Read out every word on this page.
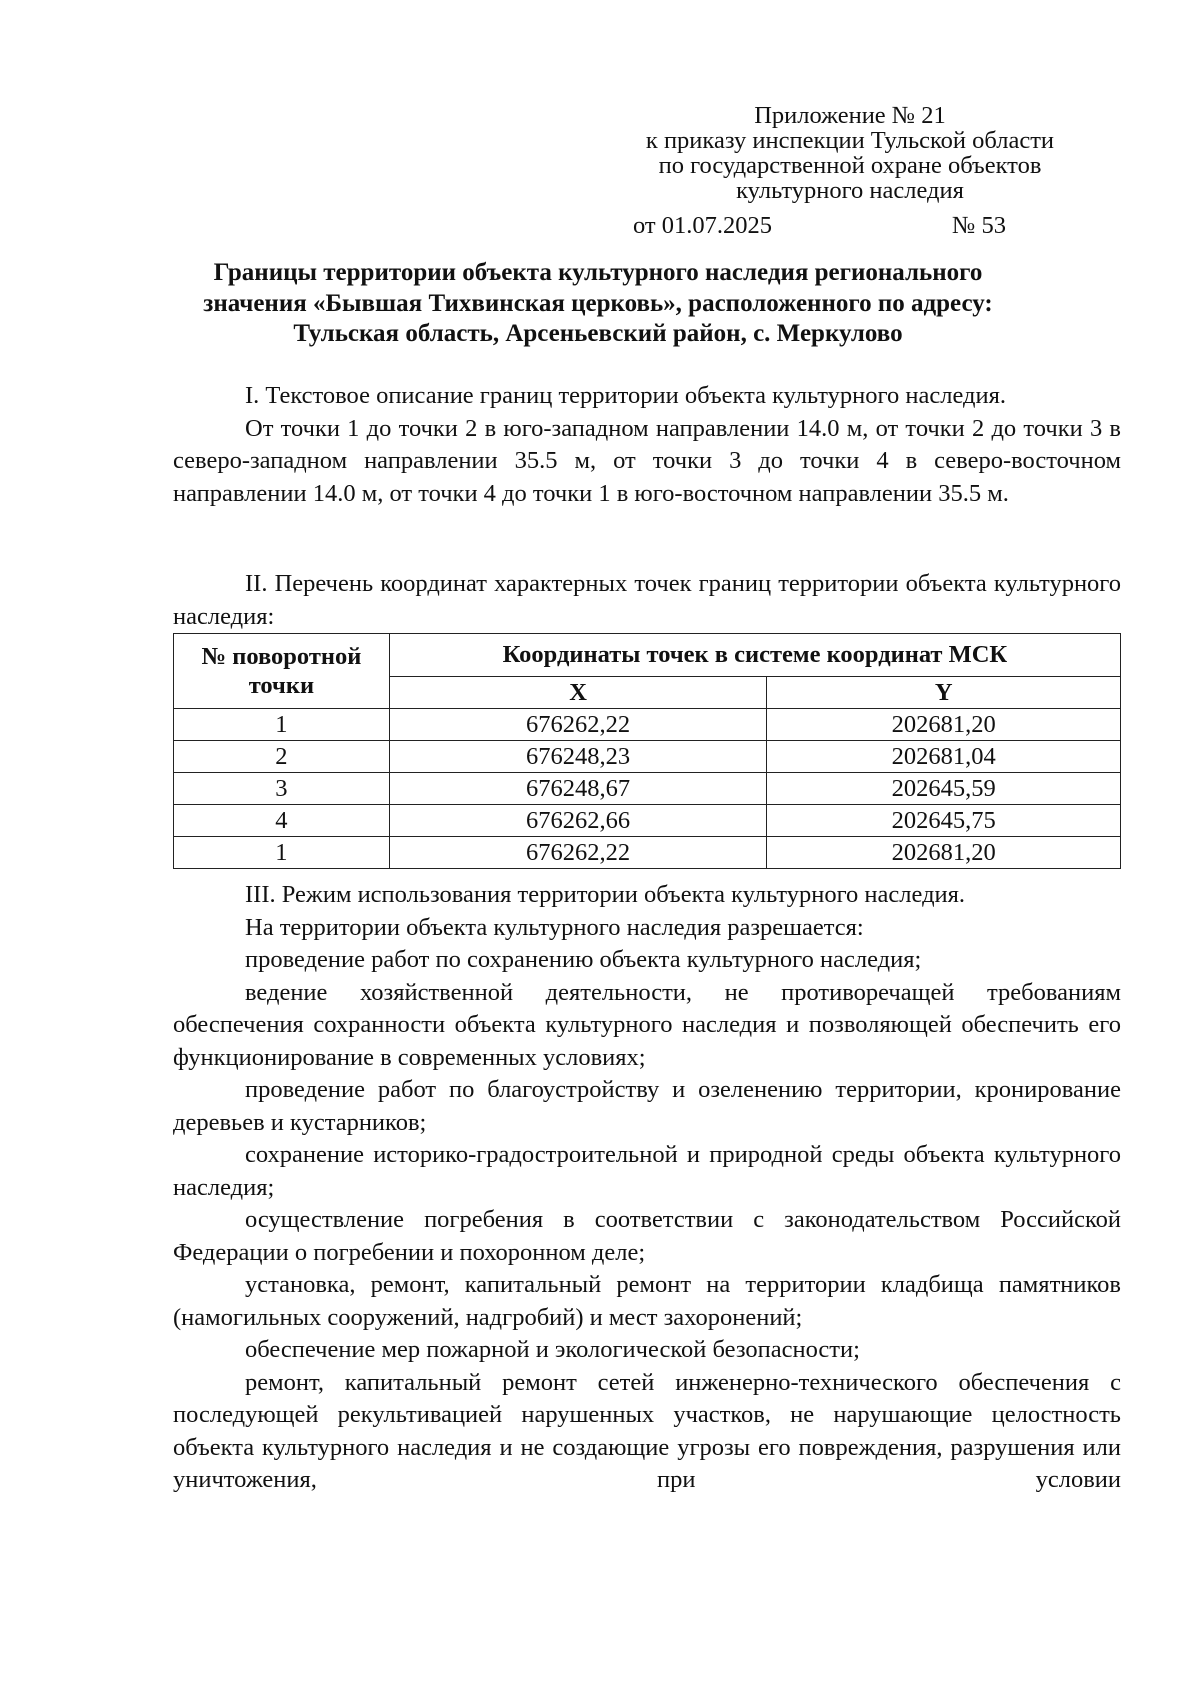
Приложение № 21
к приказу инспекции Тульской области
по государственной охране объектов
культурного наследия
от 01.07.2025	№ 53
Границы территории объекта культурного наследия регионального
значения «Бывшая Тихвинская церковь», расположенного по адресу:
Тульская область, Арсеньевский район, с. Меркулово

I. Текстовое описание границ территории объекта культурного наследия.

От точки 1 до точки 2 в юго-западном направлении 14.0 м, от точки 2 до точки 3 в северо-западном направлении 35.5 м, от точки 3 до точки 4 в северо-восточном направлении 14.0 м, от точки 4 до точки 1 в юго-восточном направлении 35.5 м.

II. Перечень координат характерных точек границ территории объекта культурного наследия:

№ поворотной точки	Координаты точек в системе координат МСК	
	X	Y
1	676262,22	202681,20
2	676248,23	202681,04
3	676248,67	202645,59
4	676262,66	202645,75
1	676262,22	202681,20

III. Режим использования территории объекта культурного наследия.

На территории объекта культурного наследия разрешается:

проведение работ по сохранению объекта культурного наследия;

ведение хозяйственной деятельности, не противоречащей требованиям обеспечения сохранности объекта культурного наследия и позволяющей обеспечить его функционирование в современных условиях;

проведение работ по благоустройству и озеленению территории, кронирование деревьев и кустарников;

сохранение историко-градостроительной и природной среды объекта культурного наследия;

осуществление погребения в соответствии с законодательством Российской Федерации о погребении и похоронном деле;

установка, ремонт, капитальный ремонт на территории кладбища памятников (намогильных сооружений, надгробий) и мест захоронений;

обеспечение мер пожарной и экологической безопасности;

ремонт, капитальный ремонт сетей инженерно-технического обеспечения с последующей рекультивацией нарушенных участков, не нарушающие целостность объекта культурного наследия и не создающие угрозы его повреждения, разрушения или уничтожения, при условии
